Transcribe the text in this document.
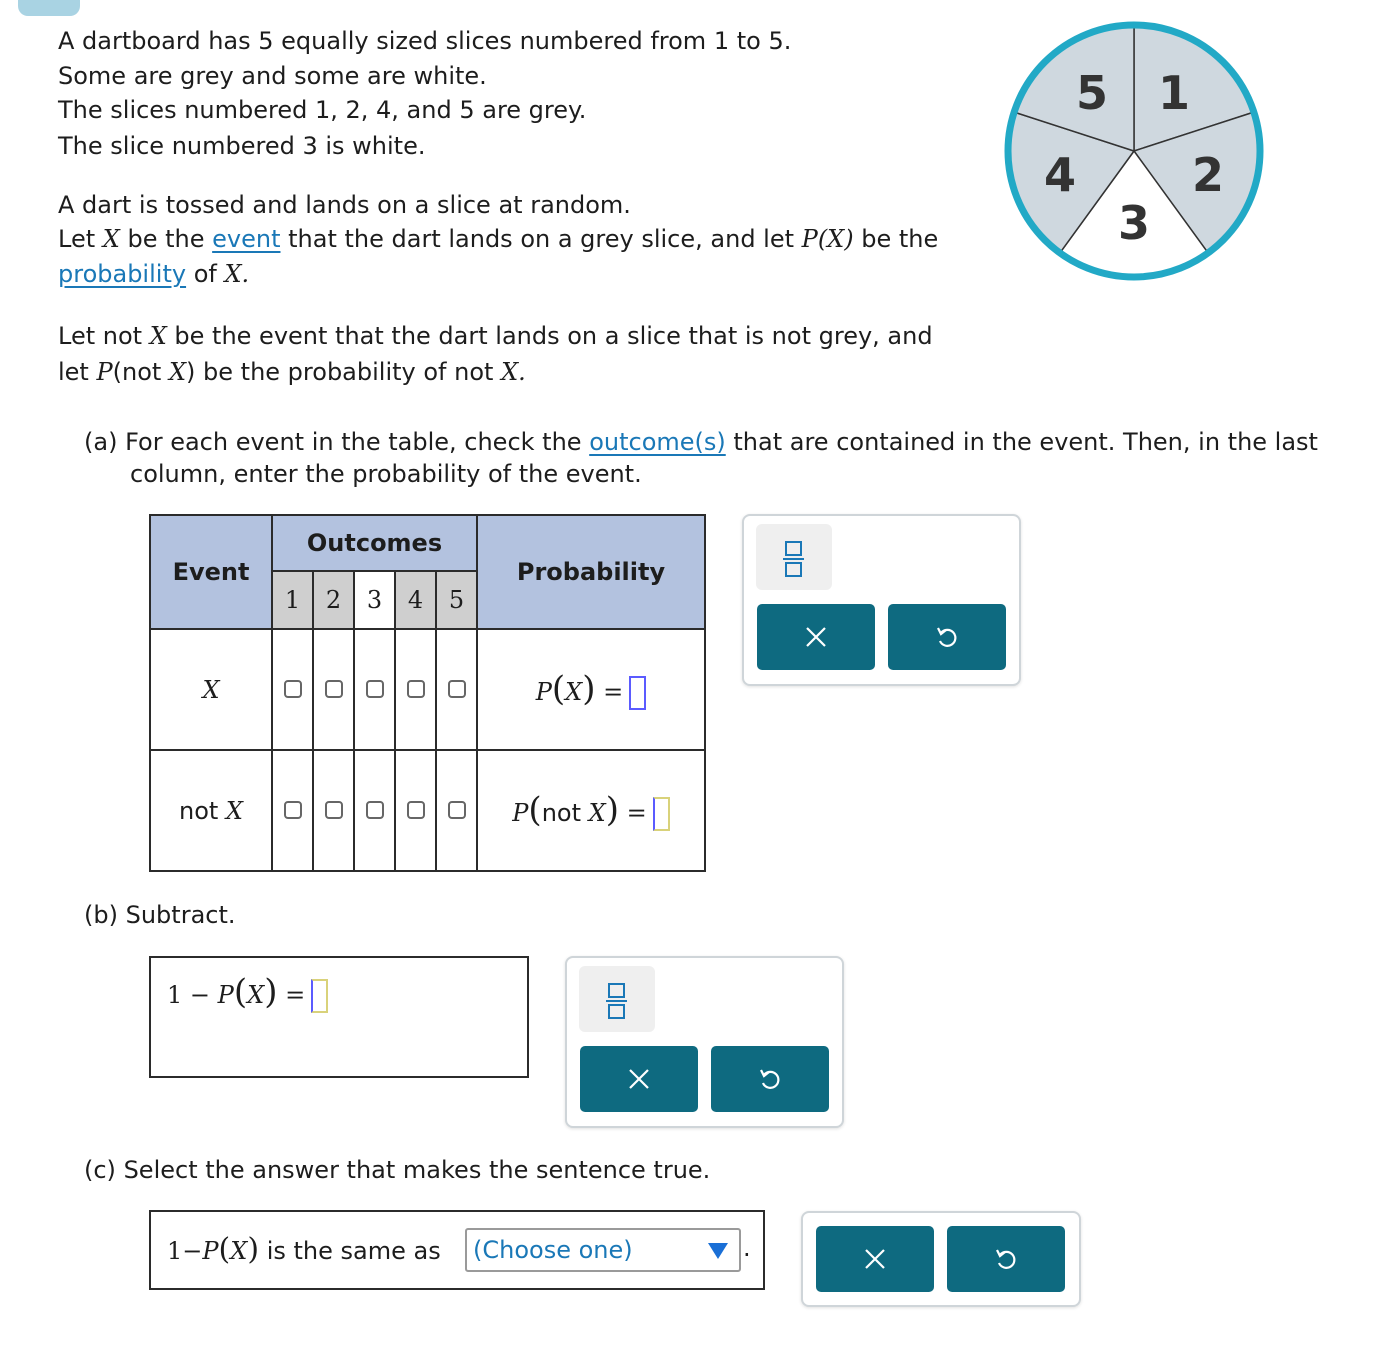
A dartboard has 5 equally sized slices numbered from 1 to 5.
Some are grey and some are white.
The slices numbered 1, 2, 4, and 5 are grey.
The slice numbered 3 is white.
A dart is tossed and lands on a slice at random.
Let X be the event that the dart lands on a grey slice, and let P(X) be the
probability of X.
Let not X be the event that the dart lands on a slice that is not grey, and
let P(not X) be the probability of not X.
1
2
3
4
5
(a) For each event in the table, check the outcome(s) that are contained in the event. Then, in the last
column, enter the probability of the event.
Event	Outcomes					Probability
	1	2	3	4	5	
X						P(X) =
not X						P(not X) =
(b) Subtract.
1 − P(X) =
(c) Select the answer that makes the sentence true.
1−P(X) is the same as (Choose one)	.
